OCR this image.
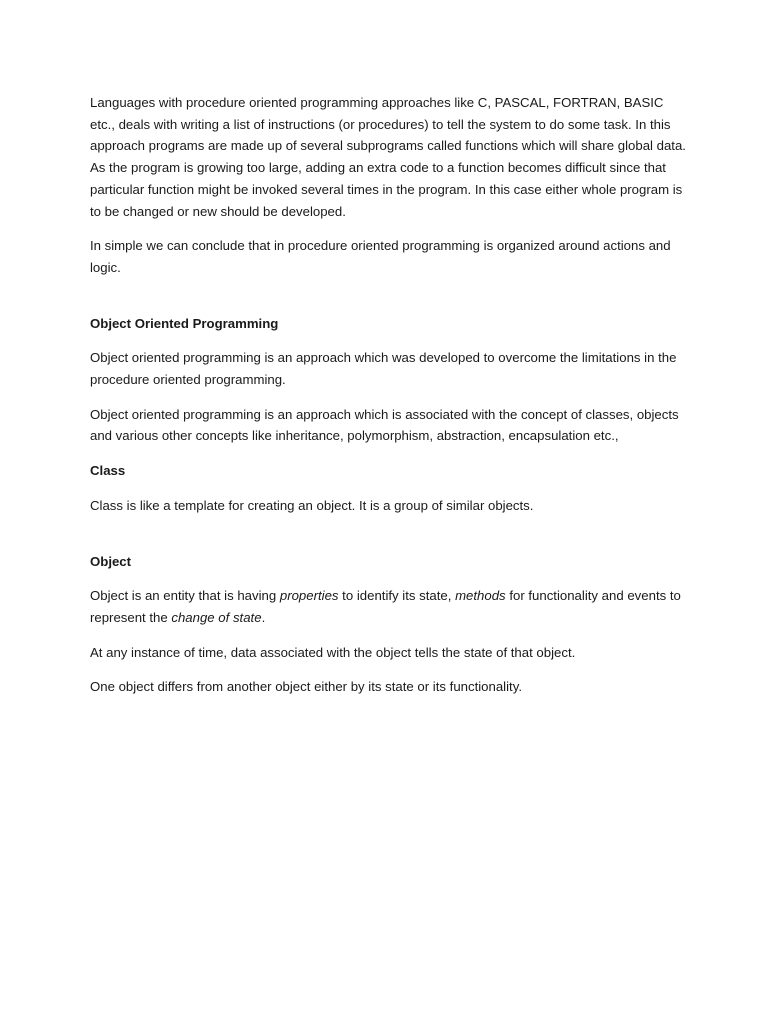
Languages with procedure oriented programming approaches like C, PASCAL, FORTRAN, BASIC etc., deals with writing a list of instructions (or procedures) to tell the system to do some task. In this approach programs are made up of several subprograms called functions which will share global data. As the program is growing too large, adding an extra code to a function becomes difficult since that particular function might be invoked several times in the program. In this case either whole program is to be changed or new should be developed.

In simple we can conclude that in procedure oriented programming is organized around actions and logic.

Object Oriented Programming

Object oriented programming is an approach which was developed to overcome the limitations in the procedure oriented programming.

Object oriented programming is an approach which is associated with the concept of classes, objects and various other concepts like inheritance, polymorphism, abstraction, encapsulation etc.,

Class

Class is like a template for creating an object. It is a group of similar objects.

Object

Object is an entity that is having properties to identify its state, methods for functionality and events to represent the change of state.

At any instance of time, data associated with the object tells the state of that object.

One object differs from another object either by its state or its functionality.
